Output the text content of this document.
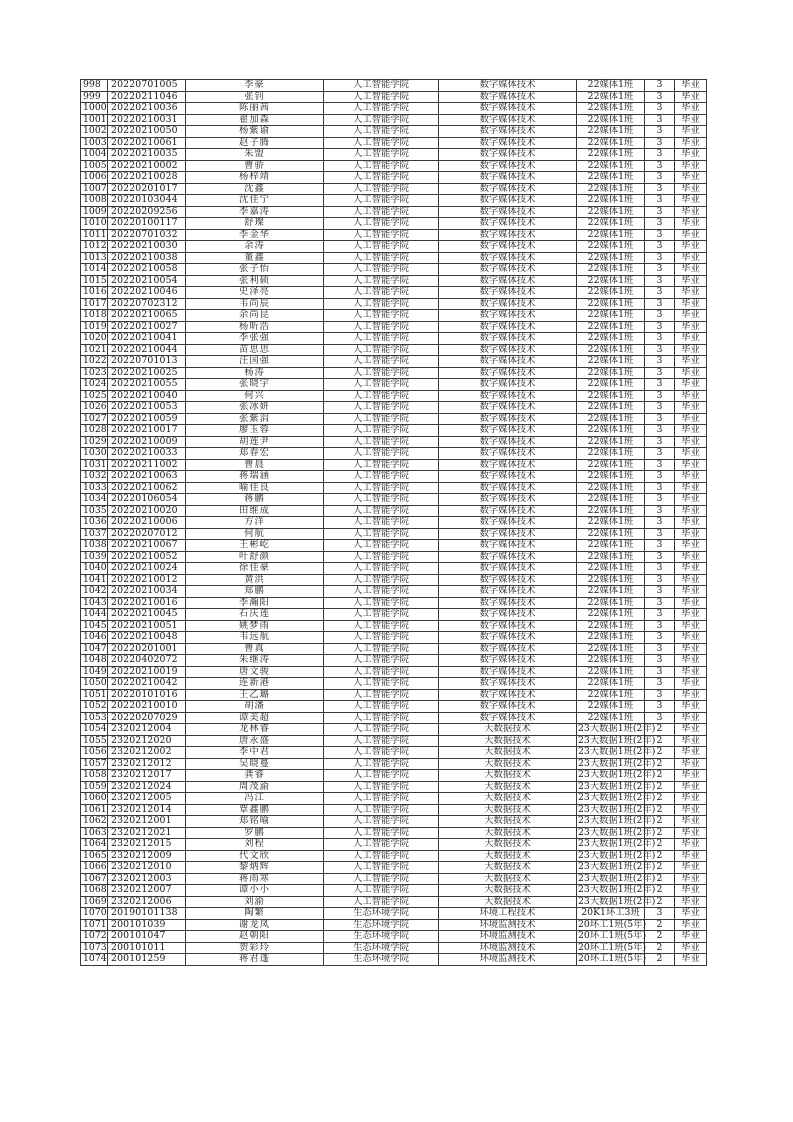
998	20220701005	李豪	人工智能学院	数字媒体技术	22媒体1班	3	毕业
999	20220211046	张钊	人工智能学院	数字媒体技术	22媒体1班	3	毕业
1000	20220210036	陈丽茜	人工智能学院	数字媒体技术	22媒体1班	3	毕业
1001	20220210031	翟加森	人工智能学院	数字媒体技术	22媒体1班	3	毕业
1002	20220210050	杨紫谕	人工智能学院	数字媒体技术	22媒体1班	3	毕业
1003	20220210061	赵子腾	人工智能学院	数字媒体技术	22媒体1班	3	毕业
1004	20220210035	朱盟	人工智能学院	数字媒体技术	22媒体1班	3	毕业
1005	20220210002	曹骄	人工智能学院	数字媒体技术	22媒体1班	3	毕业
1006	20220210028	杨梓靖	人工智能学院	数字媒体技术	22媒体1班	3	毕业
1007	20220201017	沈鑫	人工智能学院	数字媒体技术	22媒体1班	3	毕业
1008	20220103044	沈佳宁	人工智能学院	数字媒体技术	22媒体1班	3	毕业
1009	20220209256	李嘉涛	人工智能学院	数字媒体技术	22媒体1班	3	毕业
1010	20220100117	舒璨	人工智能学院	数字媒体技术	22媒体1班	3	毕业
1011	20220701032	李金华	人工智能学院	数字媒体技术	22媒体1班	3	毕业
1012	20220210030	余涛	人工智能学院	数字媒体技术	22媒体1班	3	毕业
1013	20220210038	董鑫	人工智能学院	数字媒体技术	22媒体1班	3	毕业
1014	20220210058	张子怡	人工智能学院	数字媒体技术	22媒体1班	3	毕业
1015	20220210054	张利硕	人工智能学院	数字媒体技术	22媒体1班	3	毕业
1016	20220210046	史泽亮	人工智能学院	数字媒体技术	22媒体1班	3	毕业
1017	20220702312	韦尚辰	人工智能学院	数字媒体技术	22媒体1班	3	毕业
1018	20220210065	余尚昆	人工智能学院	数字媒体技术	22媒体1班	3	毕业
1019	20220210027	杨昕浩	人工智能学院	数字媒体技术	22媒体1班	3	毕业
1020	20220210041	李张强	人工智能学院	数字媒体技术	22媒体1班	3	毕业
1021	20220210044	苗思思	人工智能学院	数字媒体技术	22媒体1班	3	毕业
1022	20220701013	汪国强	人工智能学院	数字媒体技术	22媒体1班	3	毕业
1023	20220210025	杨涛	人工智能学院	数字媒体技术	22媒体1班	3	毕业
1024	20220210055	张晓宇	人工智能学院	数字媒体技术	22媒体1班	3	毕业
1025	20220210040	何兴	人工智能学院	数字媒体技术	22媒体1班	3	毕业
1026	20220210053	张冰妍	人工智能学院	数字媒体技术	22媒体1班	3	毕业
1027	20220210059	张紫涓	人工智能学院	数字媒体技术	22媒体1班	3	毕业
1028	20220210017	廖玉蓉	人工智能学院	数字媒体技术	22媒体1班	3	毕业
1029	20220210009	胡莲尹	人工智能学院	数字媒体技术	22媒体1班	3	毕业
1030	20220210033	郑春宏	人工智能学院	数字媒体技术	22媒体1班	3	毕业
1031	20220211002	曹晨	人工智能学院	数字媒体技术	22媒体1班	3	毕业
1032	20220210063	蒋瑞涵	人工智能学院	数字媒体技术	22媒体1班	3	毕业
1033	20220210062	喻佳良	人工智能学院	数字媒体技术	22媒体1班	3	毕业
1034	20220106054	蒋鹏	人工智能学院	数字媒体技术	22媒体1班	3	毕业
1035	20220210020	田维成	人工智能学院	数字媒体技术	22媒体1班	3	毕业
1036	20220210006	方洋	人工智能学院	数字媒体技术	22媒体1班	3	毕业
1037	20220207012	何航	人工智能学院	数字媒体技术	22媒体1班	3	毕业
1038	20220210067	王彬屹	人工智能学院	数字媒体技术	22媒体1班	3	毕业
1039	20220210052	叶舒颜	人工智能学院	数字媒体技术	22媒体1班	3	毕业
1040	20220210024	徐佳豪	人工智能学院	数字媒体技术	22媒体1班	3	毕业
1041	20220210012	黄洪	人工智能学院	数字媒体技术	22媒体1班	3	毕业
1042	20220210034	郑鹏	人工智能学院	数字媒体技术	22媒体1班	3	毕业
1043	20220210016	李瀚阳	人工智能学院	数字媒体技术	22媒体1班	3	毕业
1044	20220210045	石庆莲	人工智能学院	数字媒体技术	22媒体1班	3	毕业
1045	20220210051	姚梦雨	人工智能学院	数字媒体技术	22媒体1班	3	毕业
1046	20220210048	韦远航	人工智能学院	数字媒体技术	22媒体1班	3	毕业
1047	20220201001	曹真	人工智能学院	数字媒体技术	22媒体1班	3	毕业
1048	20220402072	朱继涛	人工智能学院	数字媒体技术	22媒体1班	3	毕业
1049	20220210019	唐文骏	人工智能学院	数字媒体技术	22媒体1班	3	毕业
1050	20220210042	连新港	人工智能学院	数字媒体技术	22媒体1班	3	毕业
1051	20220101016	王乙璐	人工智能学院	数字媒体技术	22媒体1班	3	毕业
1052	20220210010	胡潘	人工智能学院	数字媒体技术	22媒体1班	3	毕业
1053	20220207029	谭美超	人工智能学院	数字媒体技术	22媒体1班	3	毕业
1054	2320212004	龙林睿	人工智能学院	大数据技术	23大数据1班(2年)	2	毕业
1055	2320212020	唐永盛	人工智能学院	大数据技术	23大数据1班(2年)	2	毕业
1056	2320212002	李中君	人工智能学院	大数据技术	23大数据1班(2年)	2	毕业
1057	2320212012	吴晓蔓	人工智能学院	大数据技术	23大数据1班(2年)	2	毕业
1058	2320212017	龚睿	人工智能学院	大数据技术	23大数据1班(2年)	2	毕业
1059	2320212024	周茂渝	人工智能学院	大数据技术	23大数据1班(2年)	2	毕业
1060	2320212005	冯江	人工智能学院	大数据技术	23大数据1班(2年)	2	毕业
1061	2320212014	覃鑫鹏	人工智能学院	大数据技术	23大数据1班(2年)	2	毕业
1062	2320212001	郑铭喻	人工智能学院	大数据技术	23大数据1班(2年)	2	毕业
1063	2320212021	罗鹏	人工智能学院	大数据技术	23大数据1班(2年)	2	毕业
1064	2320212015	刘程	人工智能学院	大数据技术	23大数据1班(2年)	2	毕业
1065	2320212009	代文欣	人工智能学院	大数据技术	23大数据1班(2年)	2	毕业
1066	2320212010	黎炳辉	人工智能学院	大数据技术	23大数据1班(2年)	2	毕业
1067	2320212003	蒋雨寒	人工智能学院	大数据技术	23大数据1班(2年)	2	毕业
1068	2320212007	谭小小	人工智能学院	大数据技术	23大数据1班(2年)	2	毕业
1069	2320212006	刘渝	人工智能学院	大数据技术	23大数据1班(2年)	2	毕业
1070	20190101138	陶繁	生态环境学院	环境工程技术	20K1环工3班	3	毕业
1071	200101039	谢龙凤	生态环境学院	环境监测技术	20环工1班(5年)	2	毕业
1072	200101047	赵朝阳	生态环境学院	环境监测技术	20环工1班(5年)	2	毕业
1073	200101011	贺彩玲	生态环境学院	环境监测技术	20环工1班(5年)	2	毕业
1074	200101259	蒋君蓬	生态环境学院	环境监测技术	20环工1班(5年)	2	毕业
